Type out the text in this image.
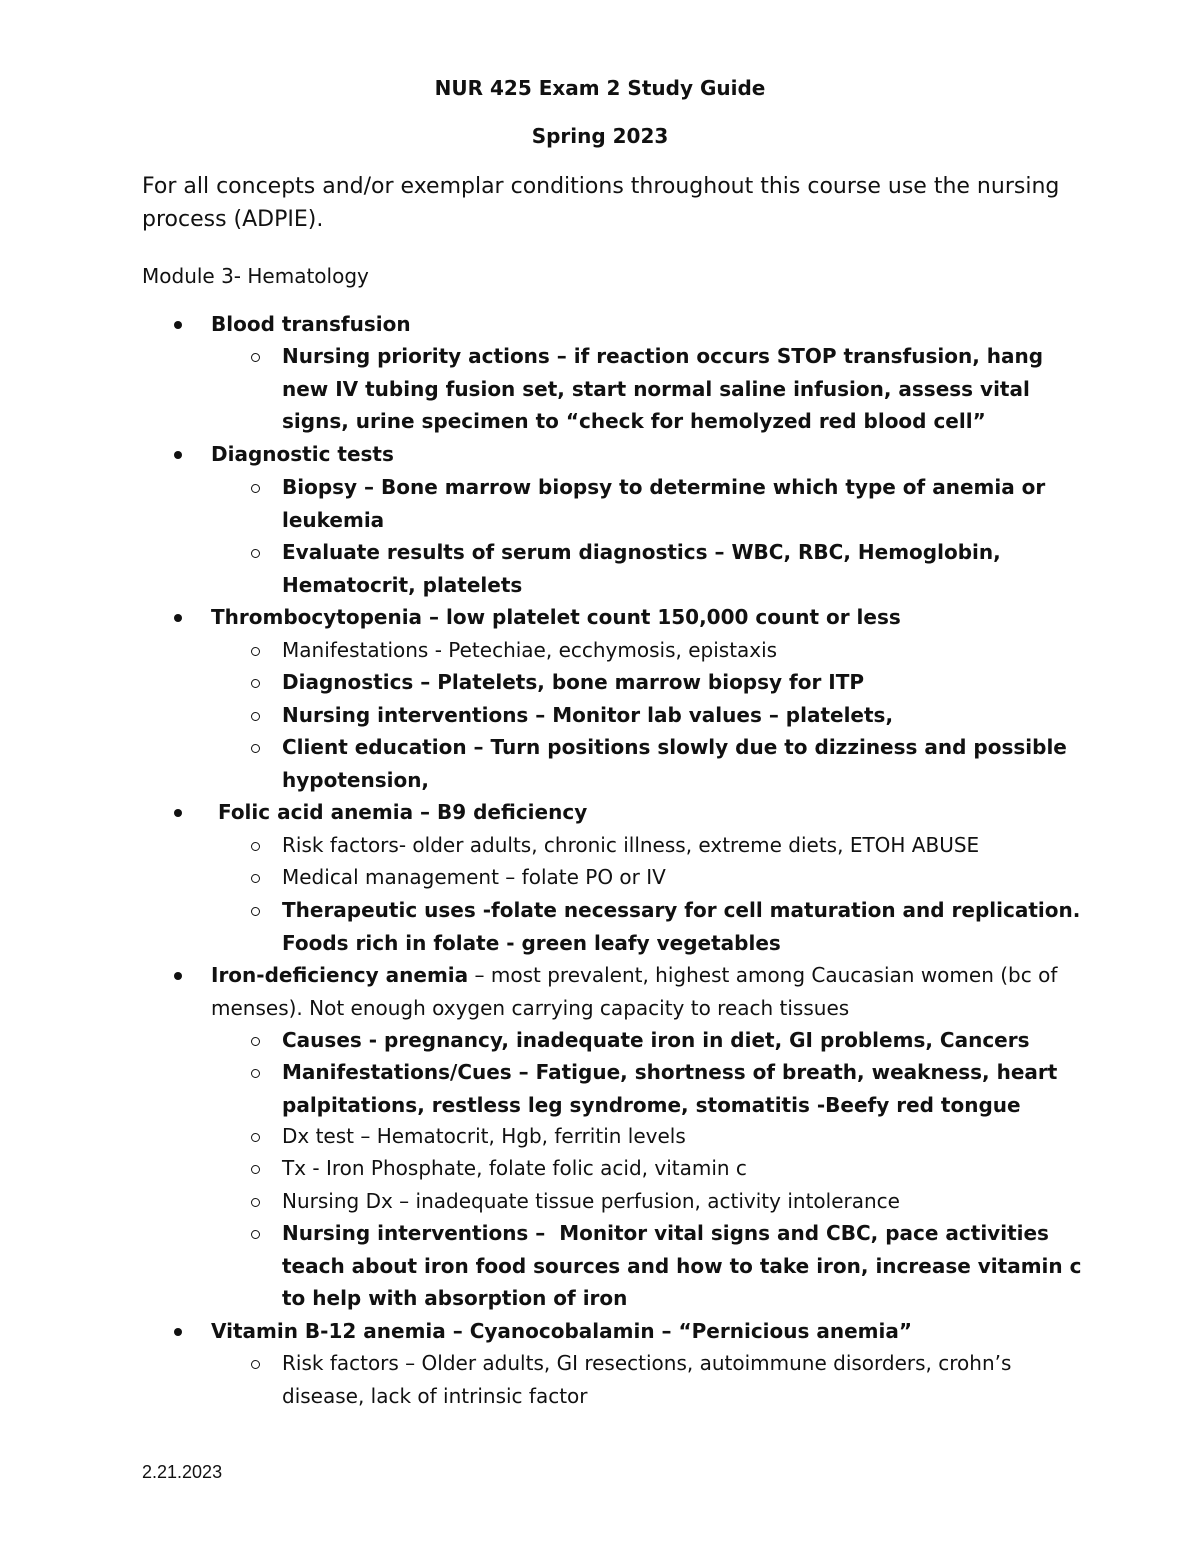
NUR 425 Exam 2 Study Guide
Spring 2023
For all concepts and/or exemplar conditions throughout this course use the nursing process (ADPIE).
Module 3- Hematology
Blood transfusion
Nursing priority actions – if reaction occurs STOP transfusion, hang new IV tubing fusion set, start normal saline infusion, assess vital signs, urine specimen to “check for hemolyzed red blood cell”
Diagnostic tests
Biopsy – Bone marrow biopsy to determine which type of anemia or leukemia
Evaluate results of serum diagnostics – WBC, RBC, Hemoglobin, Hematocrit, platelets
Thrombocytopenia – low platelet count 150,000 count or less
Manifestations - Petechiae, ecchymosis, epistaxis
Diagnostics – Platelets, bone marrow biopsy for ITP
Nursing interventions – Monitor lab values – platelets,
Client education – Turn positions slowly due to dizziness and possible hypotension,
Folic acid anemia – B9 deficiency
Risk factors- older adults, chronic illness, extreme diets, ETOH ABUSE
Medical management – folate PO or IV
Therapeutic uses -folate necessary for cell maturation and replication. Foods rich in folate - green leafy vegetables
Iron-deficiency anemia – most prevalent, highest among Caucasian women (bc of menses). Not enough oxygen carrying capacity to reach tissues
Causes - pregnancy, inadequate iron in diet, GI problems, Cancers
Manifestations/Cues – Fatigue, shortness of breath, weakness, heart palpitations, restless leg syndrome, stomatitis -Beefy red tongue
Dx test – Hematocrit, Hgb, ferritin levels
Tx - Iron Phosphate, folate folic acid, vitamin c
Nursing Dx – inadequate tissue perfusion, activity intolerance
Nursing interventions –  Monitor vital signs and CBC, pace activities teach about iron food sources and how to take iron, increase vitamin c to help with absorption of iron
Vitamin B-12 anemia – Cyanocobalamin – “Pernicious anemia”
Risk factors – Older adults, GI resections, autoimmune disorders, crohn’s disease, lack of intrinsic factor
2.21.2023
